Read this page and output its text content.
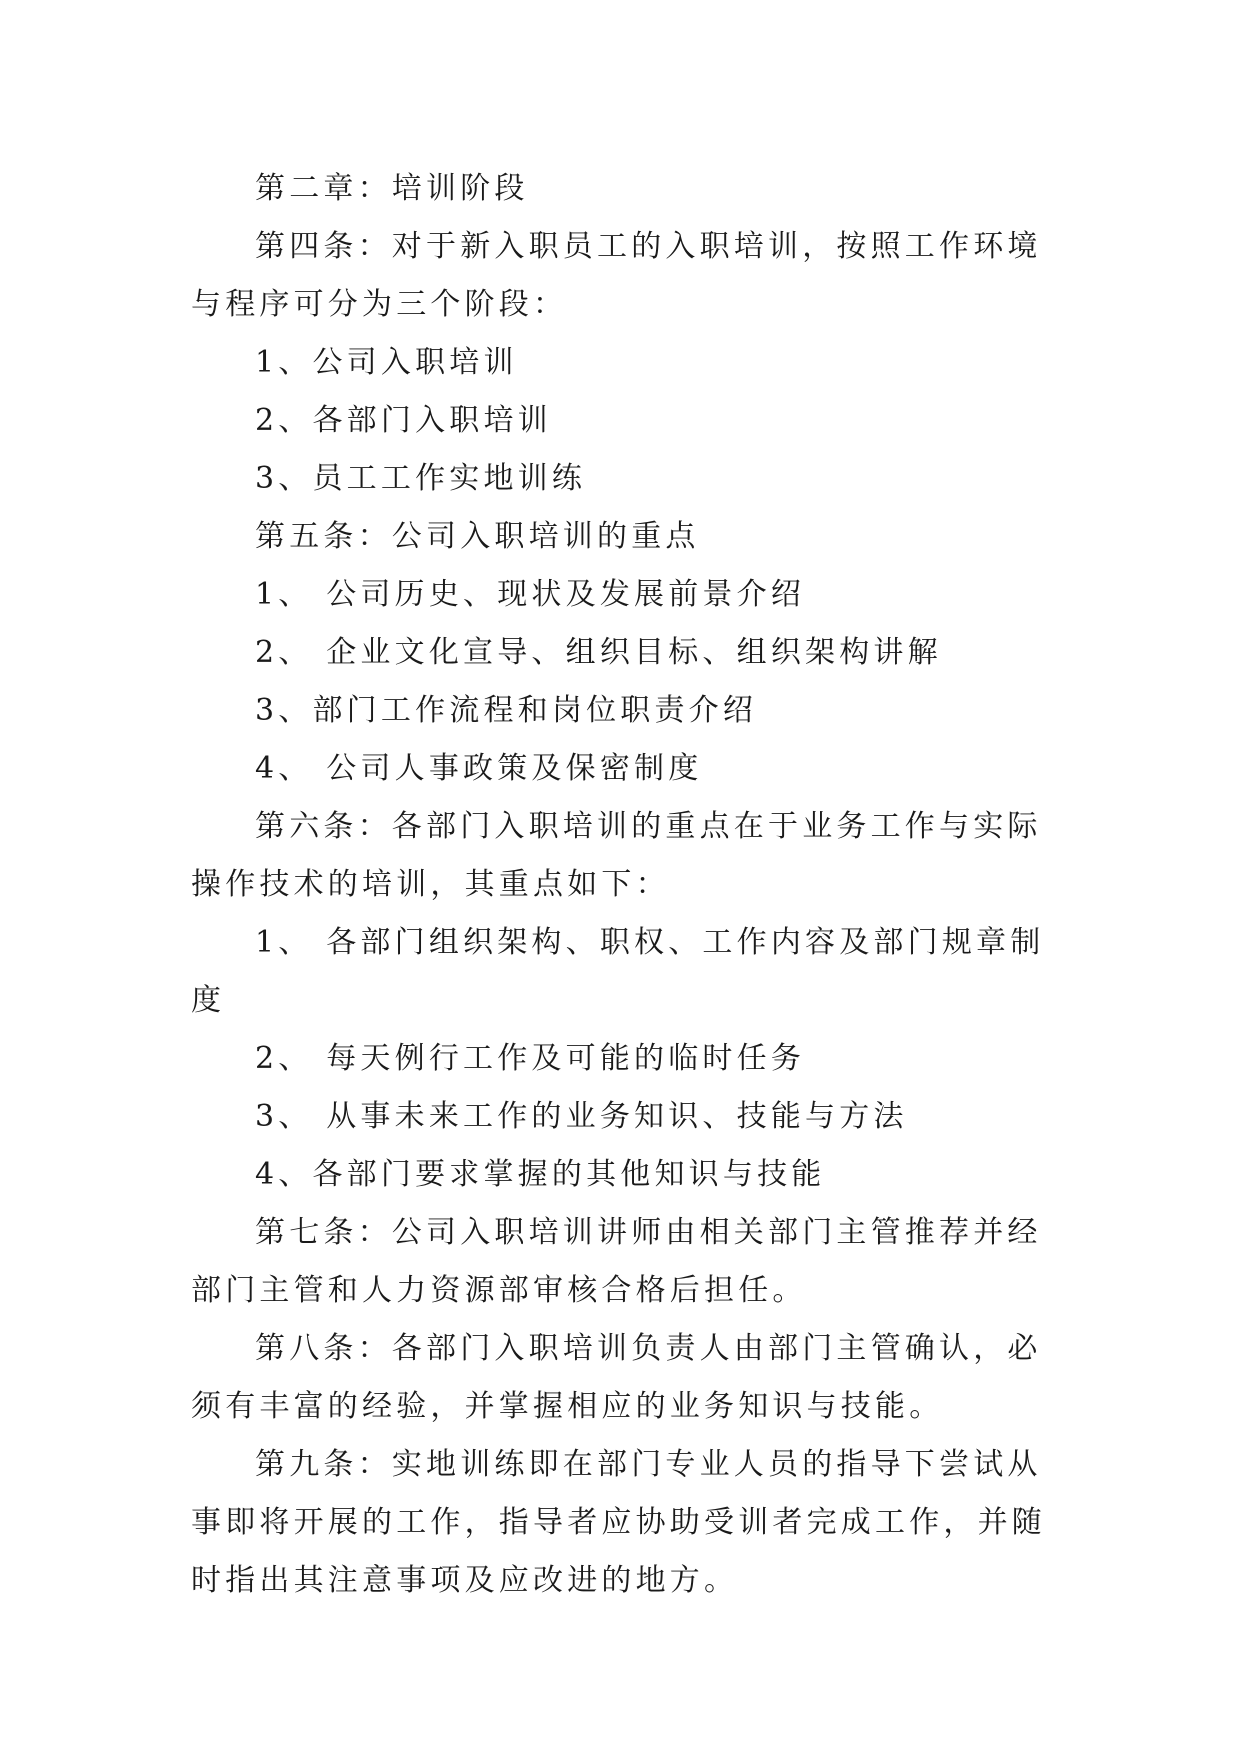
第二章：培训阶段

第四条：对于新入职员工的入职培训，按照工作环境与程序可分为三个阶段：

1、公司入职培训

2、各部门入职培训

3、员工工作实地训练

第五条：公司入职培训的重点

1、 公司历史、现状及发展前景介绍

2、 企业文化宣导、组织目标、组织架构讲解

3、部门工作流程和岗位职责介绍

4、 公司人事政策及保密制度

第六条：各部门入职培训的重点在于业务工作与实际操作技术的培训，其重点如下：

1、 各部门组织架构、职权、工作内容及部门规章制度

2、 每天例行工作及可能的临时任务

3、 从事未来工作的业务知识、技能与方法

4、各部门要求掌握的其他知识与技能

第七条：公司入职培训讲师由相关部门主管推荐并经部门主管和人力资源部审核合格后担任。

第八条：各部门入职培训负责人由部门主管确认，必须有丰富的经验，并掌握相应的业务知识与技能。

第九条：实地训练即在部门专业人员的指导下尝试从事即将开展的工作，指导者应协助受训者完成工作，并随时指出其注意事项及应改进的地方。
